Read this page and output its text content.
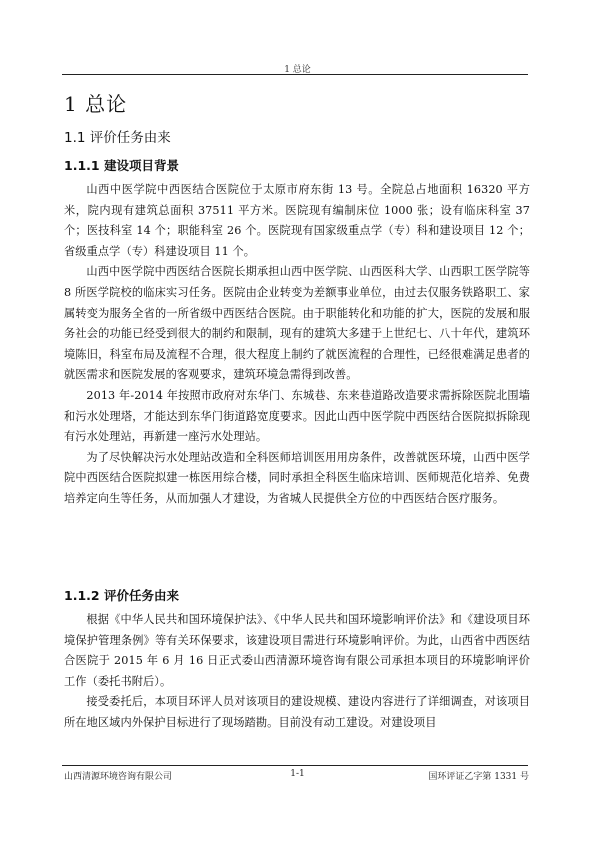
1 总论
1 总论
1.1 评价任务由来
1.1.1 建设项目背景

山西中医学院中西医结合医院位于太原市府东街 13 号。全院总占地面积 16320 平方米，院内现有建筑总面积 37511 平方米。医院现有编制床位 1000 张；设有临床科室 37 个；医技科室 14 个；职能科室 26 个。医院现有国家级重点学（专）科和建设项目 12 个；省级重点学（专）科建设项目 11 个。

山西中医学院中西医结合医院长期承担山西中医学院、山西医科大学、山西职工医学院等 8 所医学院校的临床实习任务。医院由企业转变为差额事业单位，由过去仅服务铁路职工、家属转变为服务全省的一所省级中西医结合医院。由于职能转化和功能的扩大，医院的发展和服务社会的功能已经受到很大的制约和限制，现有的建筑大多建于上世纪七、八十年代，建筑环境陈旧，科室布局及流程不合理，很大程度上制约了就医流程的合理性，已经很难满足患者的就医需求和医院发展的客观要求，建筑环境急需得到改善。

2013 年-2014 年按照市政府对东华门、东城巷、东来巷道路改造要求需拆除医院北围墙和污水处理塔，才能达到东华门街道路宽度要求。因此山西中医学院中西医结合医院拟拆除现有污水处理站，再新建一座污水处理站。

为了尽快解决污水处理站改造和全科医师培训医用用房条件，改善就医环境，山西中医学院中西医结合医院拟建一栋医用综合楼，同时承担全科医生临床培训、医师规范化培养、免费培养定向生等任务，从而加强人才建设，为省城人民提供全方位的中西医结合医疗服务。

1.1.2 评价任务由来

根据《中华人民共和国环境保护法》、《中华人民共和国环境影响评价法》和《建设项目环境保护管理条例》等有关环保要求，该建设项目需进行环境影响评价。为此，山西省中西医结合医院于 2015 年 6 月 16 日正式委山西清源环境咨询有限公司承担本项目的环境影响评价工作（委托书附后）。

接受委托后，本项目环评人员对该项目的建设规模、建设内容进行了详细调查，对该项目所在地区域内外保护目标进行了现场踏勘。目前没有动工建设。对建设项目

山西清源环境咨询有限公司	1-1	国环评证乙字第 1331 号
